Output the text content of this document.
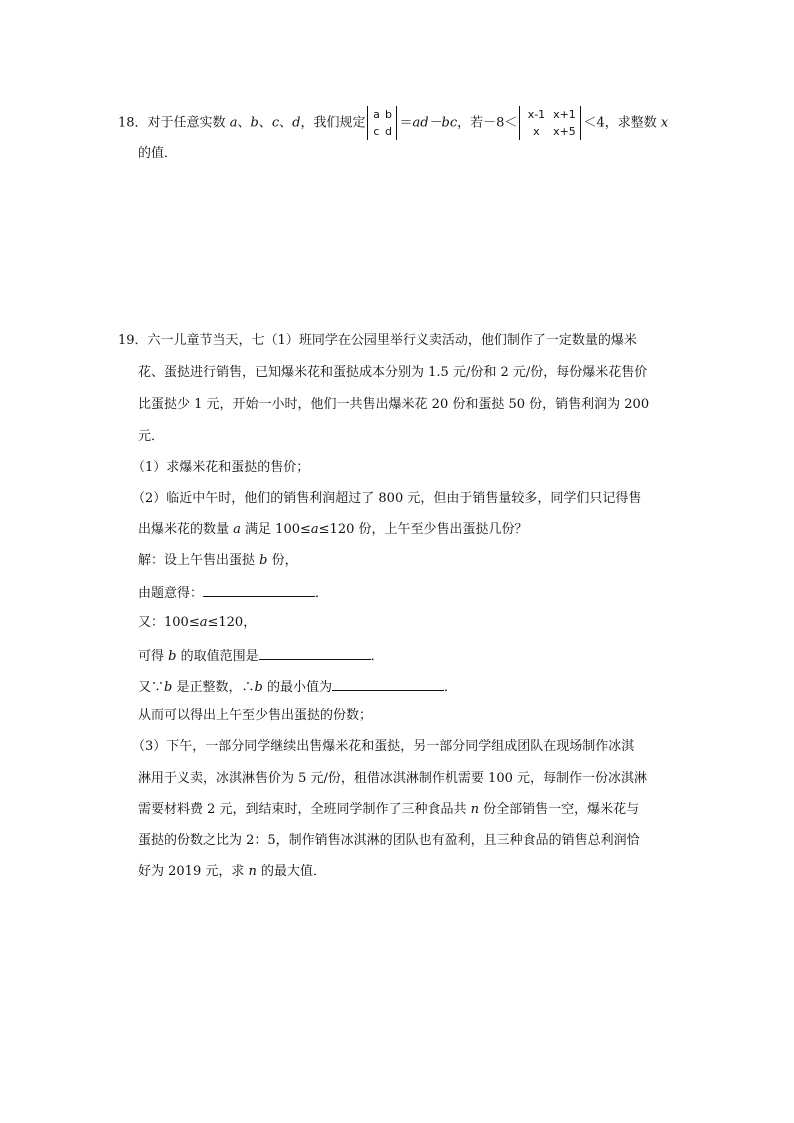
18．对于任意实数 a、b、c、d，我们规定
a b
c d
＝ad－bc，若－8＜
x-1 x+1
x x+5
＜4，求整数 x
的值．
19．六一儿童节当天，七（1）班同学在公园里举行义卖活动，他们制作了一定数量的爆米
花、蛋挞进行销售，已知爆米花和蛋挞成本分别为 1.5 元/份和 2 元/份，每份爆米花售价
比蛋挞少 1 元，开始一小时，他们一共售出爆米花 20 份和蛋挞 50 份，销售利润为 200
元．
（1）求爆米花和蛋挞的售价；
（2）临近中午时，他们的销售利润超过了 800 元，但由于销售量较多，同学们只记得售
出爆米花的数量 a 满足 100≤a≤120 份，上午至少售出蛋挞几份？
解：设上午售出蛋挞 b 份，
由题意得：	．
又：100≤a≤120，
可得 b 的取值范围是	．
又∵b 是正整数，∴b 的最小值为	．
从而可以得出上午至少售出蛋挞的份数；
（3）下午，一部分同学继续出售爆米花和蛋挞，另一部分同学组成团队在现场制作冰淇
淋用于义卖，冰淇淋售价为 5 元/份，租借冰淇淋制作机需要 100 元，每制作一份冰淇淋
需要材料费 2 元，到结束时，全班同学制作了三种食品共 n 份全部销售一空，爆米花与
蛋挞的份数之比为 2：5，制作销售冰淇淋的团队也有盈利，且三种食品的销售总利润恰
好为 2019 元，求 n 的最大值．
